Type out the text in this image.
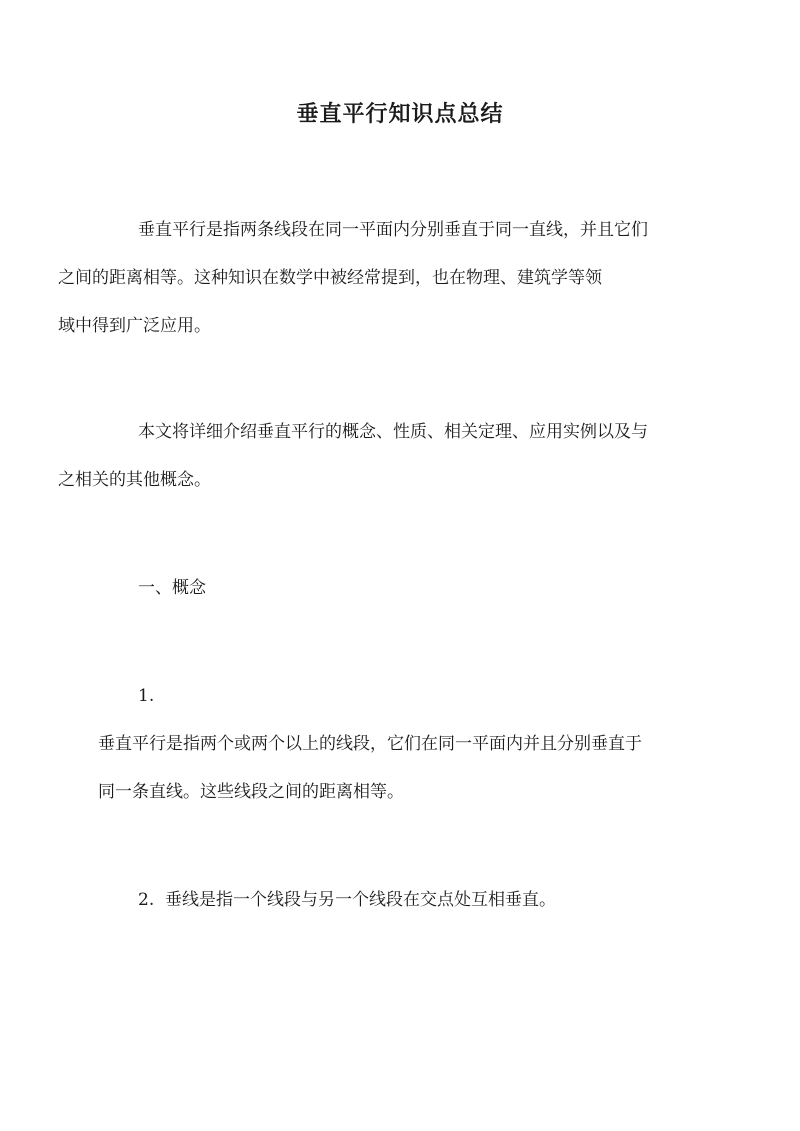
垂直平行知识点总结
垂直平行是指两条线段在同一平面内分别垂直于同一直线，并且它们
之间的距离相等。这种知识在数学中被经常提到，也在物理、建筑学等领
域中得到广泛应用。
本文将详细介绍垂直平行的概念、性质、相关定理、应用实例以及与
之相关的其他概念。
一、概念
1.
垂直平行是指两个或两个以上的线段，它们在同一平面内并且分别垂直于
同一条直线。这些线段之间的距离相等。
2.  垂线是指一个线段与另一个线段在交点处互相垂直。
